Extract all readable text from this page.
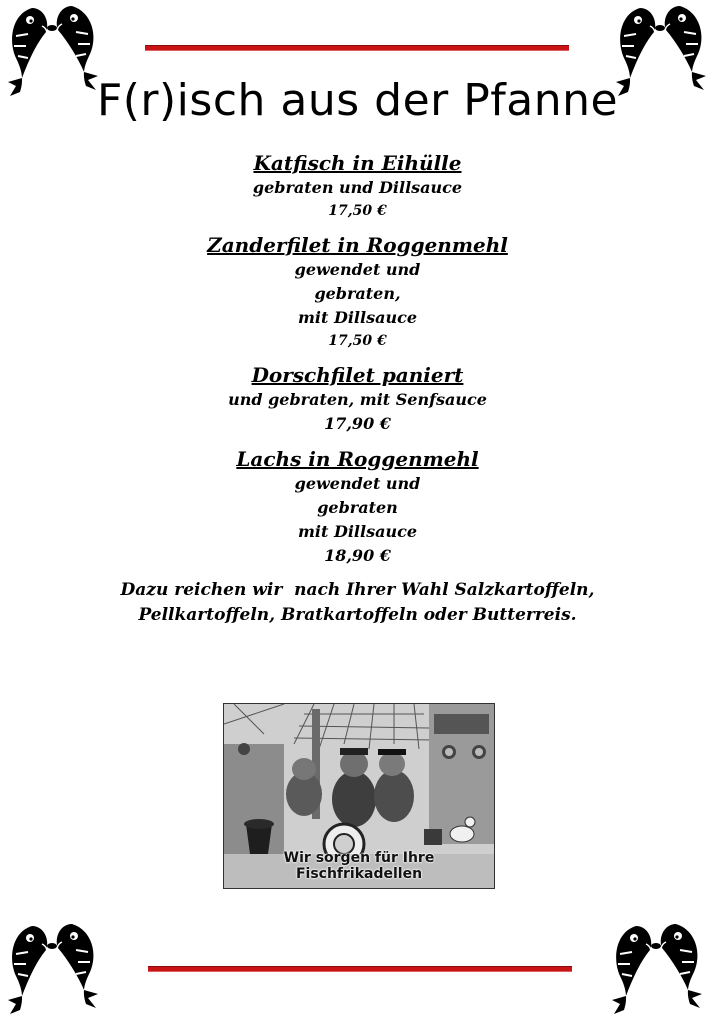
F(r)isch aus der Pfanne
Katfisch in Eihülle
gebraten und Dillsauce
17,50 €
Zanderfilet in Roggenmehl
gewendet und
gebraten,
mit Dillsauce
17,50 €
Dorschfilet paniert
und gebraten, mit Senfsauce
17,90 €
Lachs in Roggenmehl
gewendet und
gebraten
mit Dillsauce
18,90 €
Dazu reichen wir  nach Ihrer Wahl Salzkartoffeln,
Pellkartoffeln, Bratkartoffeln oder Butterreis.
Wir sorgen für Ihre Fischfrikadellen
